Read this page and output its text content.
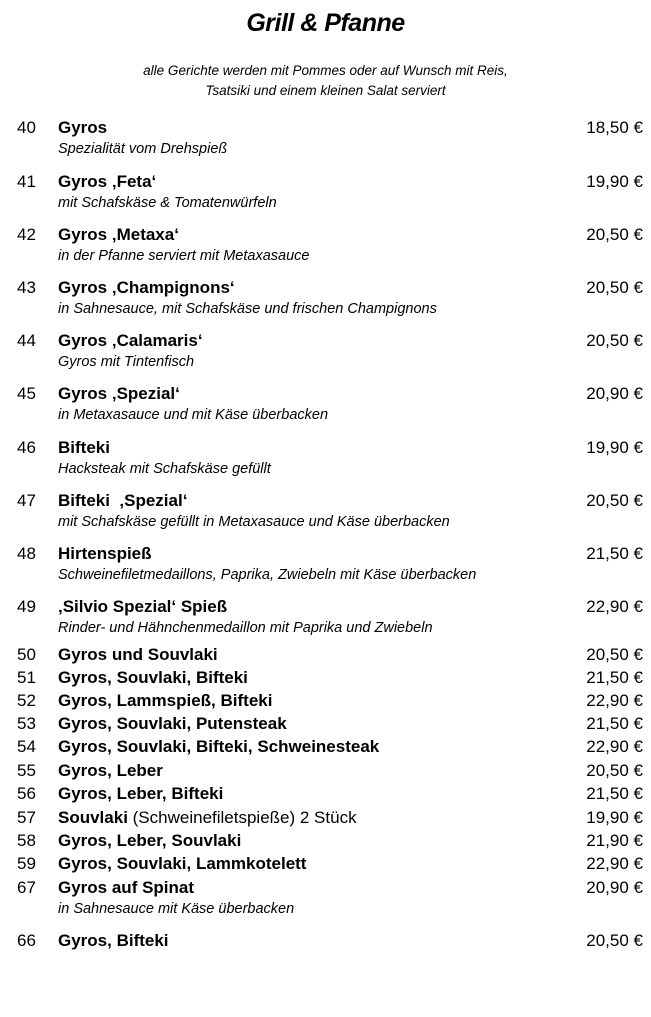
Grill & Pfanne
alle Gerichte werden mit Pommes oder auf Wunsch mit Reis,
Tsatsiki und einem kleinen Salat serviert
40 Gyros	18,50 €
Spezialität vom Drehspieß
41 Gyros ‚Feta‘	19,90 €
mit Schafskäse & Tomatenwürfeln
42 Gyros ‚Metaxa‘	20,50 €
in der Pfanne serviert mit Metaxasauce
43 Gyros ‚Champignons‘	20,50 €
in Sahnesauce, mit Schafskäse und frischen Champignons
44 Gyros ‚Calamaris‘	20,50 €
Gyros mit Tintenfisch
45 Gyros ‚Spezial‘	20,90 €
in Metaxasauce und mit Käse überbacken
46 Bifteki	19,90 €
Hacksteak mit Schafskäse gefüllt
47 Bifteki  ‚Spezial‘	20,50 €
mit Schafskäse gefüllt in Metaxasauce und Käse überbacken
48 Hirtenspieß	21,50 €
Schweinefiletmedaillons, Paprika, Zwiebeln mit Käse überbacken
49 ‚Silvio Spezial‘ Spieß	22,90 €
Rinder- und Hähnchenmedaillon mit Paprika und Zwiebeln
50 Gyros und Souvlaki	20,50 €
51 Gyros, Souvlaki, Bifteki	21,50 €
52 Gyros, Lammspieß, Bifteki	22,90 €
53 Gyros, Souvlaki, Putensteak	21,50 €
54 Gyros, Souvlaki, Bifteki, Schweinesteak	22,90 €
55 Gyros, Leber	20,50 €
56 Gyros, Leber, Bifteki	21,50 €
57 Souvlaki (Schweinefiletspieße) 2 Stück	19,90 €
58 Gyros, Leber, Souvlaki	21,90 €
59 Gyros, Souvlaki, Lammkotelett	22,90 €
67 Gyros auf Spinat	20,90 €
in Sahnesauce mit Käse überbacken
66 Gyros, Bifteki	20,50 €
